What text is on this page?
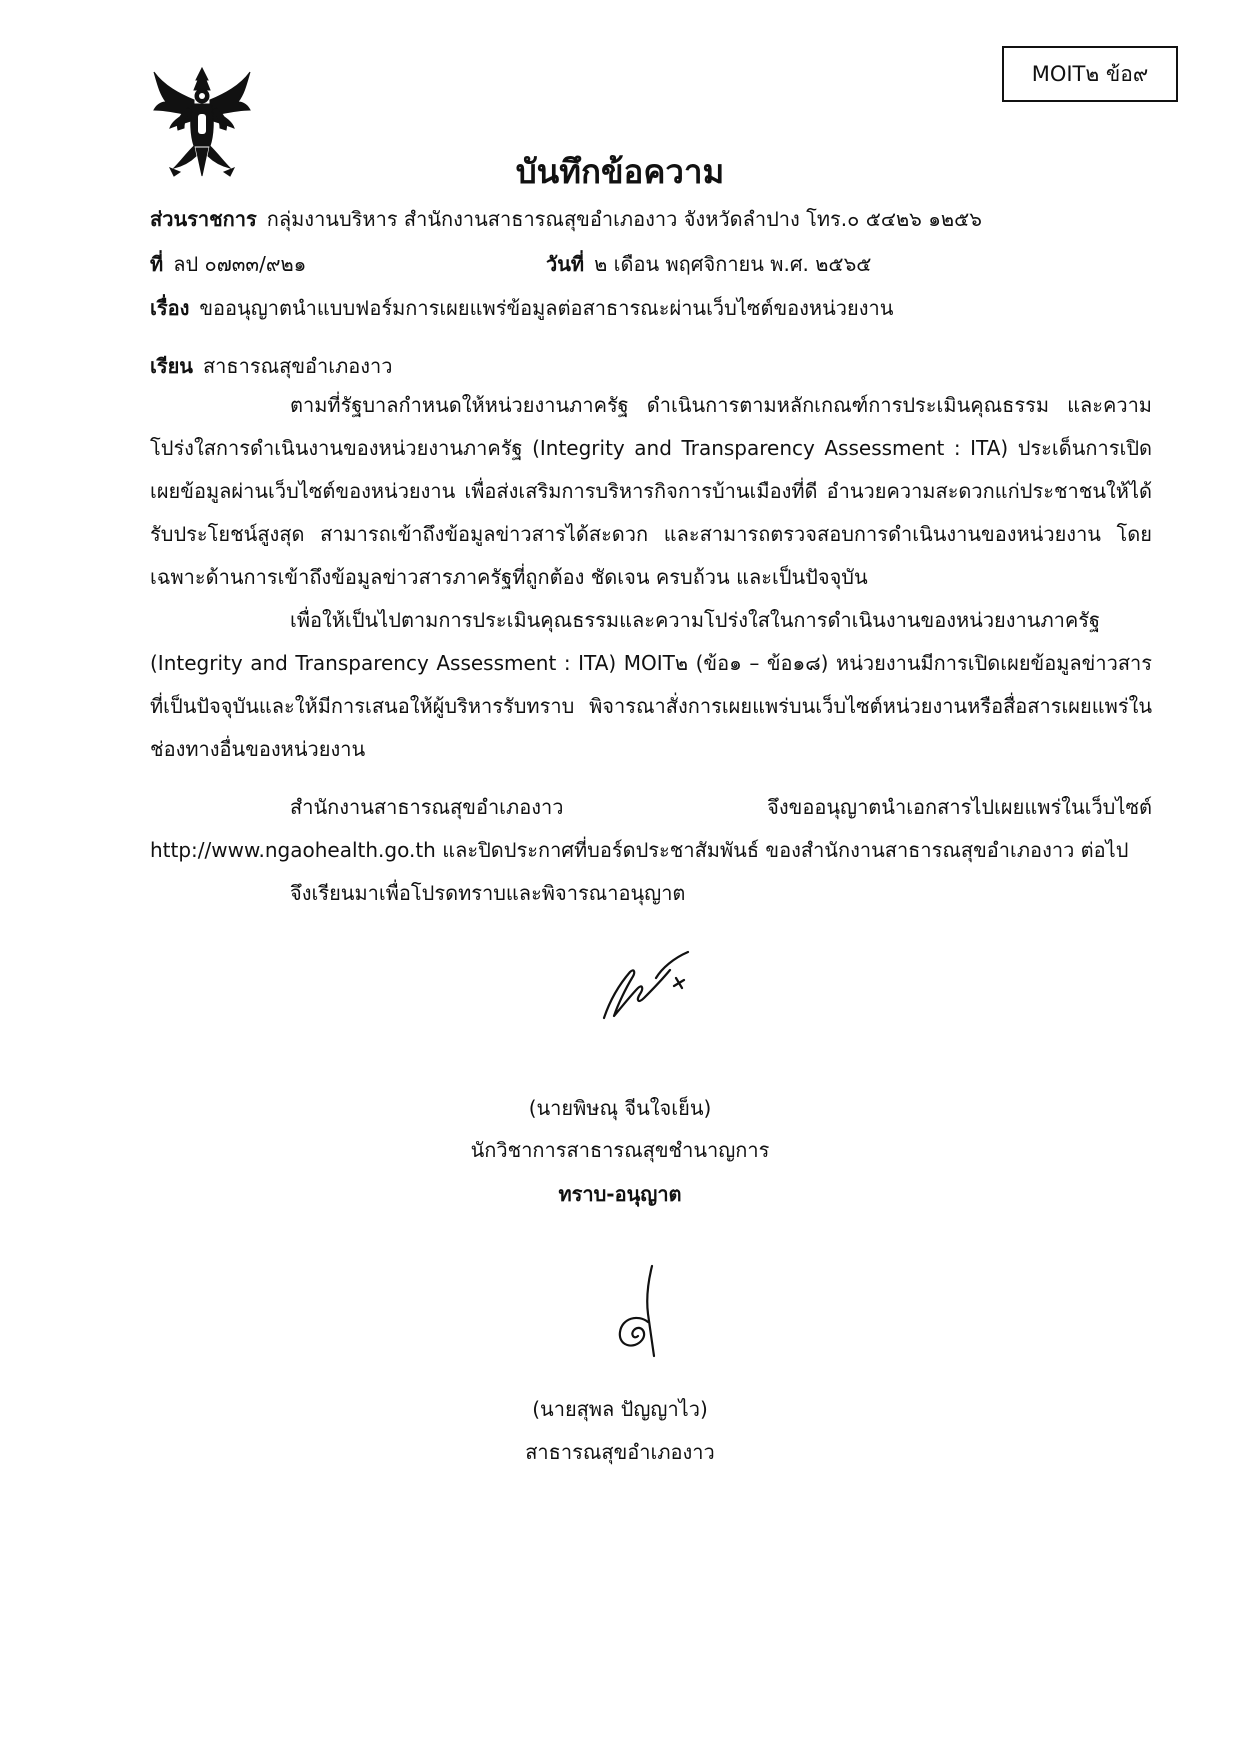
MOIT๒ ข้อ๙
บันทึกข้อความ
ส่วนราชการ กลุ่มงานบริหาร สำนักงานสาธารณสุขอำเภองาว จังหวัดลำปาง โทร.๐ ๕๔๒๖ ๑๒๕๖
ที่ ลป ๐๗๓๓/๙๒๑	วันที่ ๒ เดือน พฤศจิกายน พ.ศ. ๒๕๖๕
เรื่อง ขออนุญาตนำแบบฟอร์มการเผยแพร่ข้อมูลต่อสาธารณะผ่านเว็บไซต์ของหน่วยงาน
เรียน สาธารณสุขอำเภองาว
ตามที่รัฐบาลกำหนดให้หน่วยงานภาครัฐ ดำเนินการตามหลักเกณฑ์การประเมินคุณธรรม และความโปร่งใสการดำเนินงานของหน่วยงานภาครัฐ (Integrity and Transparency Assessment : ITA) ประเด็นการเปิดเผยข้อมูลผ่านเว็บไซต์ของหน่วยงาน เพื่อส่งเสริมการบริหารกิจการบ้านเมืองที่ดี อำนวยความสะดวกแก่ประชาชนให้ได้รับประโยชน์สูงสุด สามารถเข้าถึงข้อมูลข่าวสารได้สะดวก และสามารถตรวจสอบการดำเนินงานของหน่วยงาน โดยเฉพาะด้านการเข้าถึงข้อมูลข่าวสารภาครัฐที่ถูกต้อง ชัดเจน ครบถ้วน และเป็นปัจจุบัน
เพื่อให้เป็นไปตามการประเมินคุณธรรมและความโปร่งใสในการดำเนินงานของหน่วยงานภาครัฐ (Integrity and Transparency Assessment : ITA) MOIT๒ (ข้อ๑ – ข้อ๑๘) หน่วยงานมีการเปิดเผยข้อมูลข่าวสารที่เป็นปัจจุบันและให้มีการเสนอให้ผู้บริหารรับทราบ พิจารณาสั่งการเผยแพร่บนเว็บไซต์หน่วยงานหรือสื่อสารเผยแพร่ในช่องทางอื่นของหน่วยงาน
สำนักงานสาธารณสุขอำเภองาว จึงขออนุญาตนำเอกสารไปเผยแพร่ในเว็บไซต์ http://www.ngaohealth.go.th และปิดประกาศที่บอร์ดประชาสัมพันธ์ ของสำนักงานสาธารณสุขอำเภองาว ต่อไป
จึงเรียนมาเพื่อโปรดทราบและพิจารณาอนุญาต
(นายพิษณุ จีนใจเย็น)
นักวิชาการสาธารณสุขชำนาญการ
ทราบ-อนุญาต
(นายสุพล ปัญญาไว)
สาธารณสุขอำเภองาว
